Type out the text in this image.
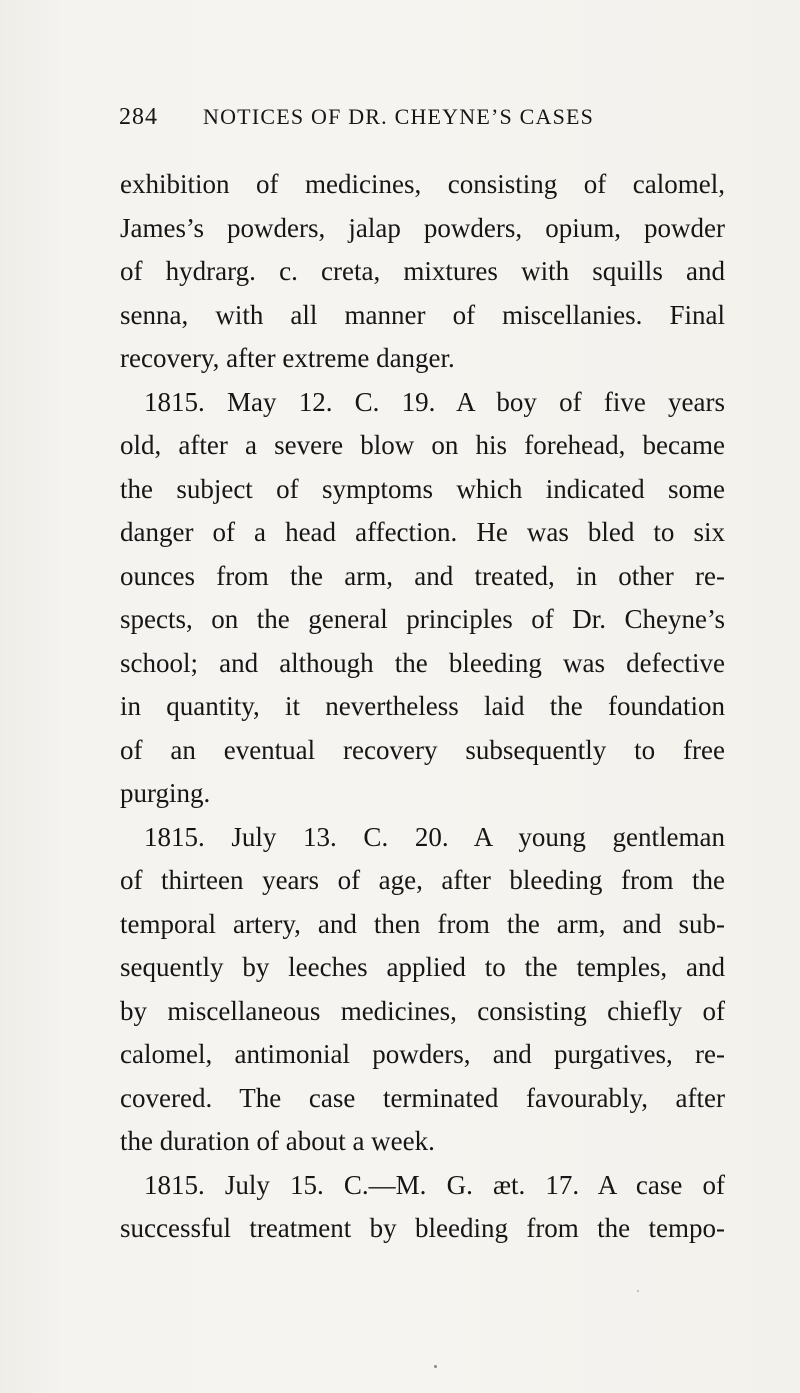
284 NOTICES OF DR. CHEYNE’S CASES
exhibition of medicines, consisting of calomel,
James’s powders, jalap powders, opium, powder
of hydrarg. c. creta, mixtures with squills and
senna, with all manner of miscellanies. Final
recovery, after extreme danger.
1815. May 12. C. 19. A boy of five years
old, after a severe blow on his forehead, became
the subject of symptoms which indicated some
danger of a head affection. He was bled to six
ounces from the arm, and treated, in other re-
spects, on the general principles of Dr. Cheyne’s
school; and although the bleeding was defective
in quantity, it nevertheless laid the foundation
of an eventual recovery subsequently to free
purging.
1815. July 13. C. 20. A young gentleman
of thirteen years of age, after bleeding from the
temporal artery, and then from the arm, and sub-
sequently by leeches applied to the temples, and
by miscellaneous medicines, consisting chiefly of
calomel, antimonial powders, and purgatives, re-
covered. The case terminated favourably, after
the duration of about a week.
1815. July 15. C.—M. G. æt. 17. A case of
successful treatment by bleeding from the tempo-
